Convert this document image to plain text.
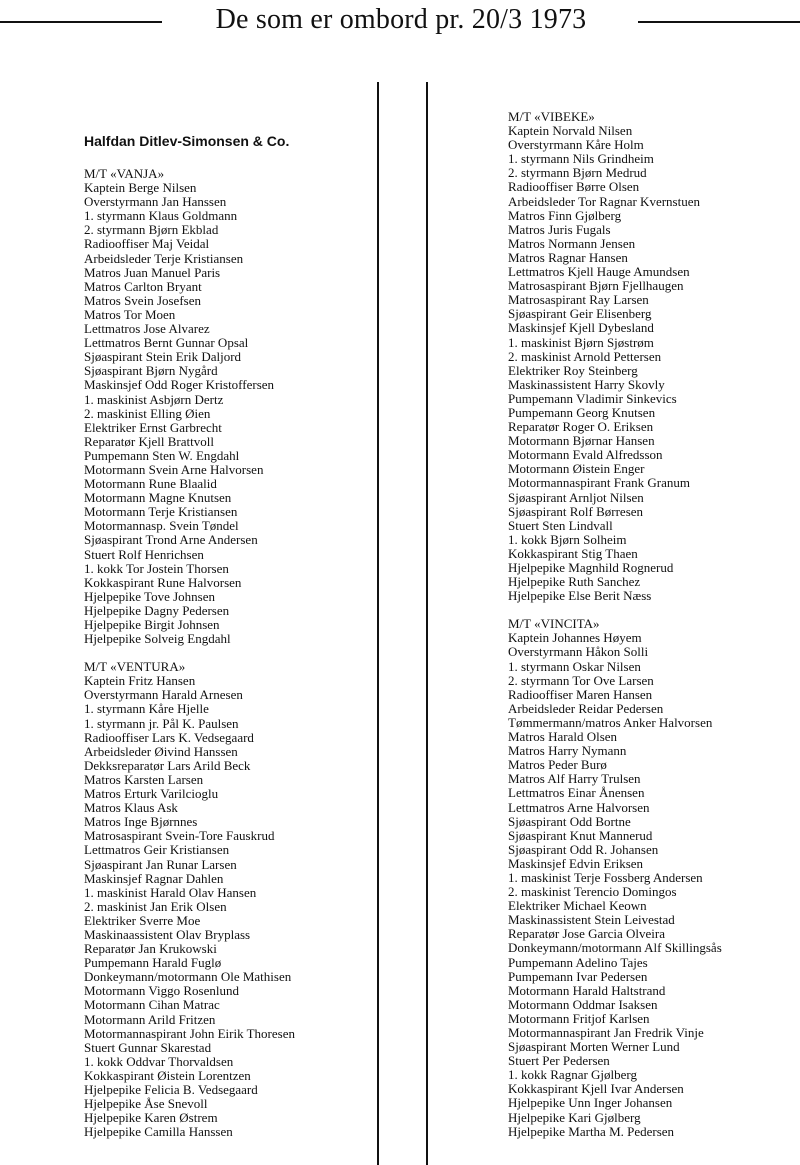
De som er ombord pr. 20/3 1973
Halfdan Ditlev-Simonsen & Co.
M/T «VANJA»
Kaptein Berge Nilsen
Overstyrmann Jan Hanssen
1. styrmann Klaus Goldmann
2. styrmann Bjørn Ekblad
Radiooffiser Maj Veidal
Arbeidsleder Terje Kristiansen
Matros Juan Manuel Paris
Matros Carlton Bryant
Matros Svein Josefsen
Matros Tor Moen
Lettmatros Jose Alvarez
Lettmatros Bernt Gunnar Opsal
Sjøaspirant Stein Erik Daljord
Sjøaspirant Bjørn Nygård
Maskinsjef Odd Roger Kristoffersen
1. maskinist Asbjørn Dertz
2. maskinist Elling Øien
Elektriker Ernst Garbrecht
Reparatør Kjell Brattvoll
Pumpemann Sten W. Engdahl
Motormann Svein Arne Halvorsen
Motormann Rune Blaalid
Motormann Magne Knutsen
Motormann Terje Kristiansen
Motormannasp. Svein Tøndel
Sjøaspirant Trond Arne Andersen
Stuert Rolf Henrichsen
1. kokk Tor Jostein Thorsen
Kokkaspirant Rune Halvorsen
Hjelpepike Tove Johnsen
Hjelpepike Dagny Pedersen
Hjelpepike Birgit Johnsen
Hjelpepike Solveig Engdahl
M/T «VENTURA»
Kaptein Fritz Hansen
Overstyrmann Harald Arnesen
1. styrmann Kåre Hjelle
1. styrmann jr. Pål K. Paulsen
Radiooffiser Lars K. Vedsegaard
Arbeidsleder Øivind Hanssen
Dekksreparatør Lars Arild Beck
Matros Karsten Larsen
Matros Erturk Varilcioglu
Matros Klaus Ask
Matros Inge Bjørnnes
Matrosaspirant Svein-Tore Fauskrud
Lettmatros Geir Kristiansen
Sjøaspirant Jan Runar Larsen
Maskinsjef Ragnar Dahlen
1. maskinist Harald Olav Hansen
2. maskinist Jan Erik Olsen
Elektriker Sverre Moe
Maskinaassistent Olav Bryplass
Reparatør Jan Krukowski
Pumpemann Harald Fuglø
Donkeymann/motormann Ole Mathisen
Motormann Viggo Rosenlund
Motormann Cihan Matrac
Motormann Arild Fritzen
Motormannaspirant John Eirik Thoresen
Stuert Gunnar Skarestad
1. kokk Oddvar Thorvaldsen
Kokkaspirant Øistein Lorentzen
Hjelpepike Felicia B. Vedsegaard
Hjelpepike Åse Snevoll
Hjelpepike Karen Østrem
Hjelpepike Camilla Hanssen
M/T «VIBEKE»
Kaptein Norvald Nilsen
Overstyrmann Kåre Holm
1. styrmann Nils Grindheim
2. styrmann Bjørn Medrud
Radiooffiser Børre Olsen
Arbeidsleder Tor Ragnar Kvernstuen
Matros Finn Gjølberg
Matros Juris Fugals
Matros Normann Jensen
Matros Ragnar Hansen
Lettmatros Kjell Hauge Amundsen
Matrosaspirant Bjørn Fjellhaugen
Matrosaspirant Ray Larsen
Sjøaspirant Geir Elisenberg
Maskinsjef Kjell Dybesland
1. maskinist Bjørn Sjøstrøm
2. maskinist Arnold Pettersen
Elektriker Roy Steinberg
Maskinassistent Harry Skovly
Pumpemann Vladimir Sinkevics
Pumpemann Georg Knutsen
Reparatør Roger O. Eriksen
Motormann Bjørnar Hansen
Motormann Evald Alfredsson
Motormann Øistein Enger
Motormannaspirant Frank Granum
Sjøaspirant Arnljot Nilsen
Sjøaspirant Rolf Børresen
Stuert Sten Lindvall
1. kokk Bjørn Solheim
Kokkaspirant Stig Thaen
Hjelpepike Magnhild Rognerud
Hjelpepike Ruth Sanchez
Hjelpepike Else Berit Næss
M/T «VINCITA»
Kaptein Johannes Høyem
Overstyrmann Håkon Solli
1. styrmann Oskar Nilsen
2. styrmann Tor Ove Larsen
Radiooffiser Maren Hansen
Arbeidsleder Reidar Pedersen
Tømmermann/matros Anker Halvorsen
Matros Harald Olsen
Matros Harry Nymann
Matros Peder Burø
Matros Alf Harry Trulsen
Lettmatros Einar Ånensen
Lettmatros Arne Halvorsen
Sjøaspirant Odd Bortne
Sjøaspirant Knut Mannerud
Sjøaspirant Odd R. Johansen
Maskinsjef Edvin Eriksen
1. maskinist Terje Fossberg Andersen
2. maskinist Terencio Domingos
Elektriker Michael Keown
Maskinassistent Stein Leivestad
Reparatør Jose Garcia Olveira
Donkeymann/motormann Alf Skillingsås
Pumpemann Adelino Tajes
Pumpemann Ivar Pedersen
Motormann Harald Haltstrand
Motormann Oddmar Isaksen
Motormann Fritjof Karlsen
Motormannaspirant Jan Fredrik Vinje
Sjøaspirant Morten Werner Lund
Stuert Per Pedersen
1. kokk Ragnar Gjølberg
Kokkaspirant Kjell Ivar Andersen
Hjelpepike Unn Inger Johansen
Hjelpepike Kari Gjølberg
Hjelpepike Martha M. Pedersen
